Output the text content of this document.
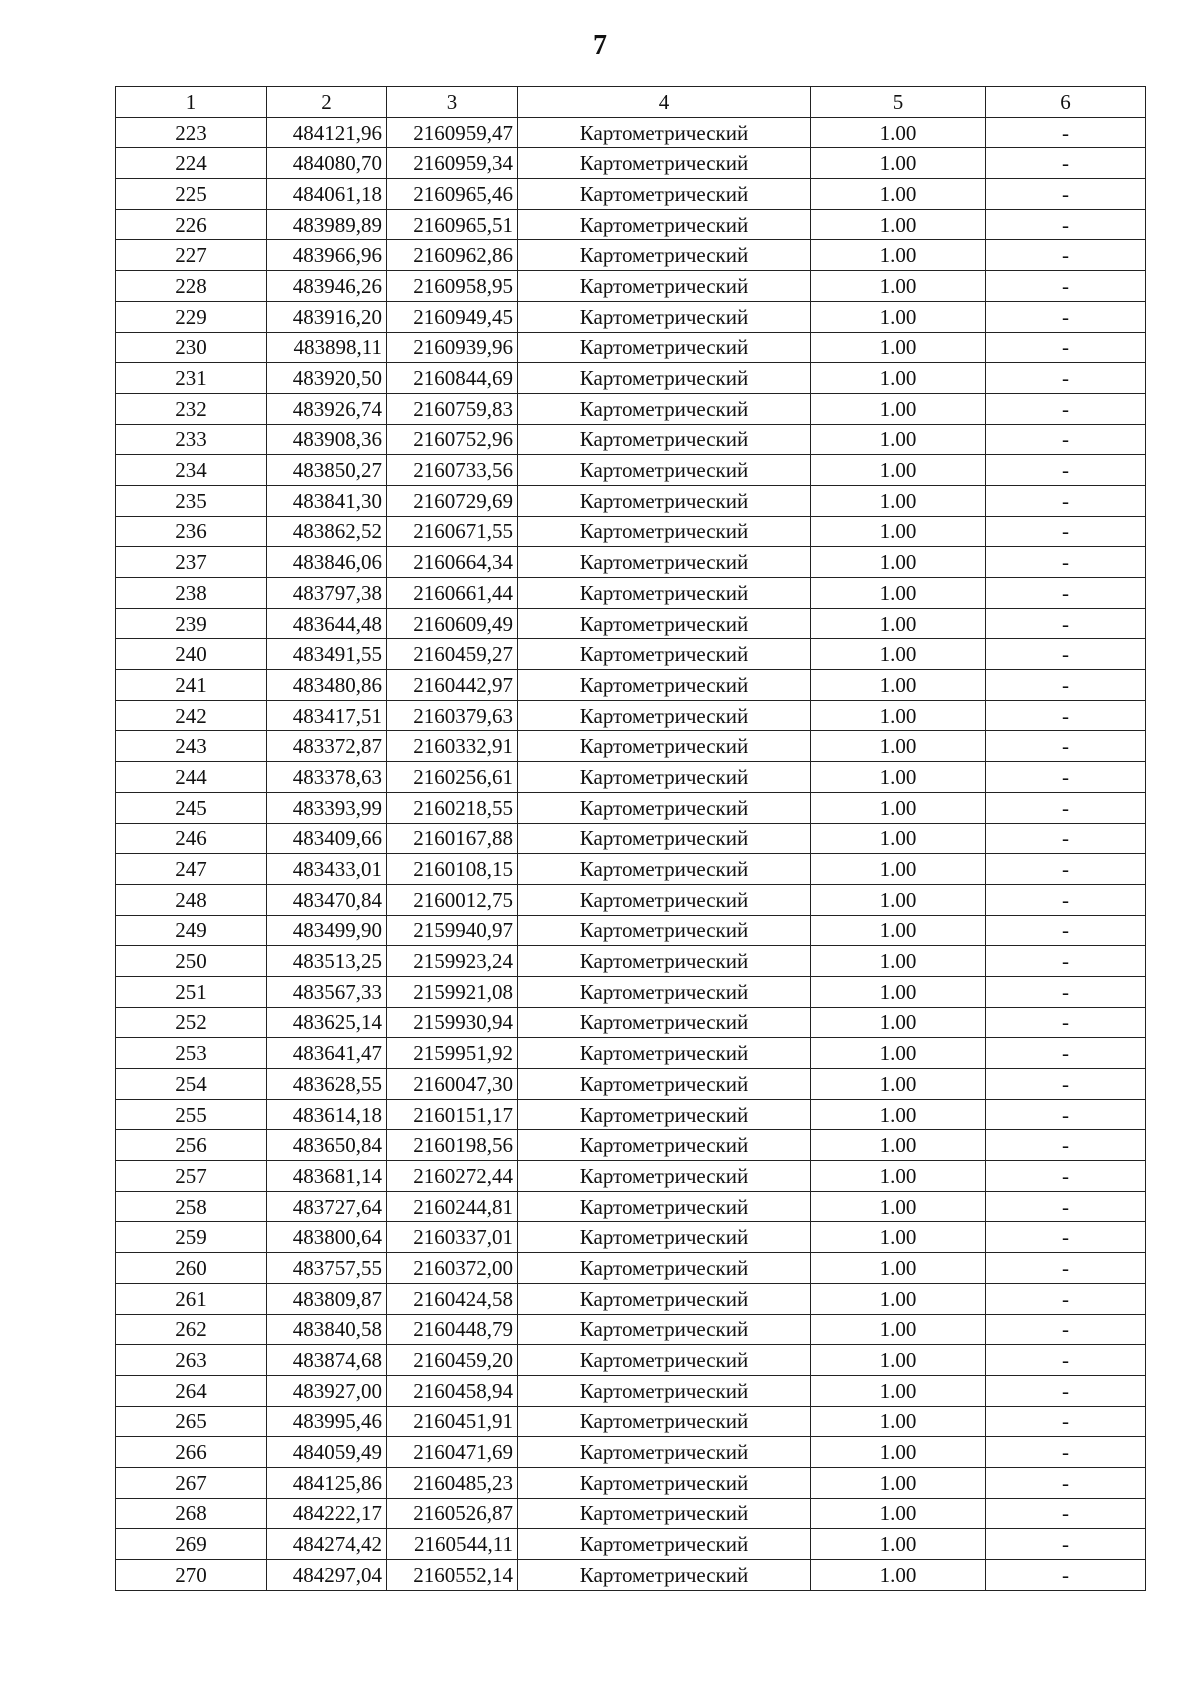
7
1	2	3	4	5	6
223	484121,96	2160959,47	Картометрический	1.00	-
224	484080,70	2160959,34	Картометрический	1.00	-
225	484061,18	2160965,46	Картометрический	1.00	-
226	483989,89	2160965,51	Картометрический	1.00	-
227	483966,96	2160962,86	Картометрический	1.00	-
228	483946,26	2160958,95	Картометрический	1.00	-
229	483916,20	2160949,45	Картометрический	1.00	-
230	483898,11	2160939,96	Картометрический	1.00	-
231	483920,50	2160844,69	Картометрический	1.00	-
232	483926,74	2160759,83	Картометрический	1.00	-
233	483908,36	2160752,96	Картометрический	1.00	-
234	483850,27	2160733,56	Картометрический	1.00	-
235	483841,30	2160729,69	Картометрический	1.00	-
236	483862,52	2160671,55	Картометрический	1.00	-
237	483846,06	2160664,34	Картометрический	1.00	-
238	483797,38	2160661,44	Картометрический	1.00	-
239	483644,48	2160609,49	Картометрический	1.00	-
240	483491,55	2160459,27	Картометрический	1.00	-
241	483480,86	2160442,97	Картометрический	1.00	-
242	483417,51	2160379,63	Картометрический	1.00	-
243	483372,87	2160332,91	Картометрический	1.00	-
244	483378,63	2160256,61	Картометрический	1.00	-
245	483393,99	2160218,55	Картометрический	1.00	-
246	483409,66	2160167,88	Картометрический	1.00	-
247	483433,01	2160108,15	Картометрический	1.00	-
248	483470,84	2160012,75	Картометрический	1.00	-
249	483499,90	2159940,97	Картометрический	1.00	-
250	483513,25	2159923,24	Картометрический	1.00	-
251	483567,33	2159921,08	Картометрический	1.00	-
252	483625,14	2159930,94	Картометрический	1.00	-
253	483641,47	2159951,92	Картометрический	1.00	-
254	483628,55	2160047,30	Картометрический	1.00	-
255	483614,18	2160151,17	Картометрический	1.00	-
256	483650,84	2160198,56	Картометрический	1.00	-
257	483681,14	2160272,44	Картометрический	1.00	-
258	483727,64	2160244,81	Картометрический	1.00	-
259	483800,64	2160337,01	Картометрический	1.00	-
260	483757,55	2160372,00	Картометрический	1.00	-
261	483809,87	2160424,58	Картометрический	1.00	-
262	483840,58	2160448,79	Картометрический	1.00	-
263	483874,68	2160459,20	Картометрический	1.00	-
264	483927,00	2160458,94	Картометрический	1.00	-
265	483995,46	2160451,91	Картометрический	1.00	-
266	484059,49	2160471,69	Картометрический	1.00	-
267	484125,86	2160485,23	Картометрический	1.00	-
268	484222,17	2160526,87	Картометрический	1.00	-
269	484274,42	2160544,11	Картометрический	1.00	-
270	484297,04	2160552,14	Картометрический	1.00	-
